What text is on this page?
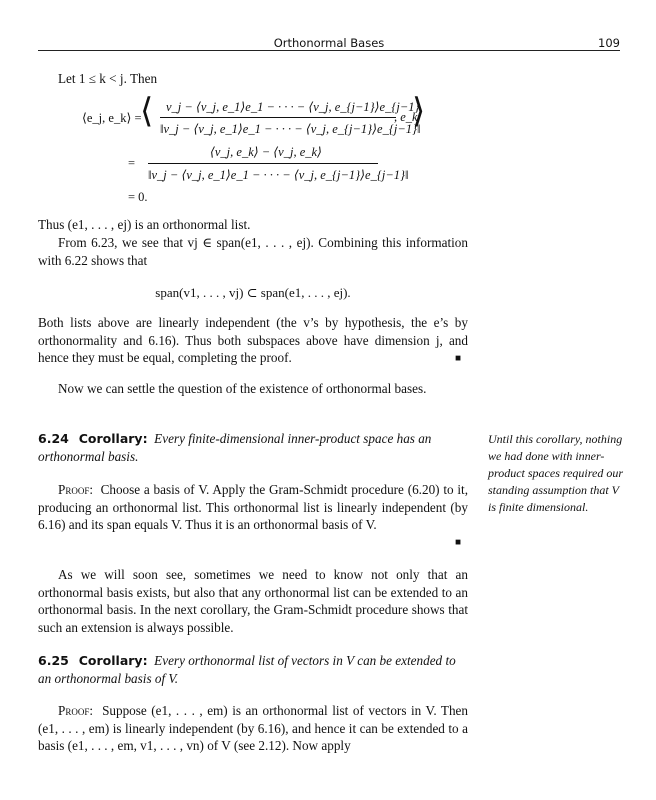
Orthonormal Bases	109
Let 1 ≤ k < j. Then
⟨e_j, e_k⟩ =
⟨ v_j − ⟨v_j, e_1⟩e_1 − · · · − ⟨v_j, e_{j−1}⟩e_{j−1}
‖v_j − ⟨v_j, e_1⟩e_1 − · · · − ⟨v_j, e_{j−1}⟩e_{j−1}‖
, e_k
⟩
=
⟨v_j, e_k⟩ − ⟨v_j, e_k⟩
‖v_j − ⟨v_j, e_1⟩e_1 − · · · − ⟨v_j, e_{j−1}⟩e_{j−1}‖
= 0.
Thus (e1, . . . , ej) is an orthonormal list.
From 6.23, we see that vj ∈ span(e1, . . . , ej). Combining this information with 6.22 shows that
span(v1, . . . , vj) ⊂ span(e1, . . . , ej).
Both lists above are linearly independent (the v’s by hypothesis, the e’s by orthonormality and 6.16). Thus both subspaces above have dimension j, and hence they must be equal, completing the proof.	■
Now we can settle the question of the existence of orthonormal bases.
6.24 Corollary: Every finite-dimensional inner-product space has an orthonormal basis.
Proof: Choose a basis of V. Apply the Gram-Schmidt procedure (6.20) to it, producing an orthonormal list. This orthonormal list is linearly independent (by 6.16) and its span equals V. Thus it is an orthonormal basis of V.
■
Until this corollary, nothing we had done with inner-product spaces required our standing assumption that V is finite dimensional.
As we will soon see, sometimes we need to know not only that an orthonormal basis exists, but also that any orthonormal list can be extended to an orthonormal basis. In the next corollary, the Gram-Schmidt procedure shows that such an extension is always possible.
6.25 Corollary: Every orthonormal list of vectors in V can be extended to an orthonormal basis of V.
Proof: Suppose (e1, . . . , em) is an orthonormal list of vectors in V. Then (e1, . . . , em) is linearly independent (by 6.16), and hence it can be extended to a basis (e1, . . . , em, v1, . . . , vn) of V (see 2.12). Now apply
